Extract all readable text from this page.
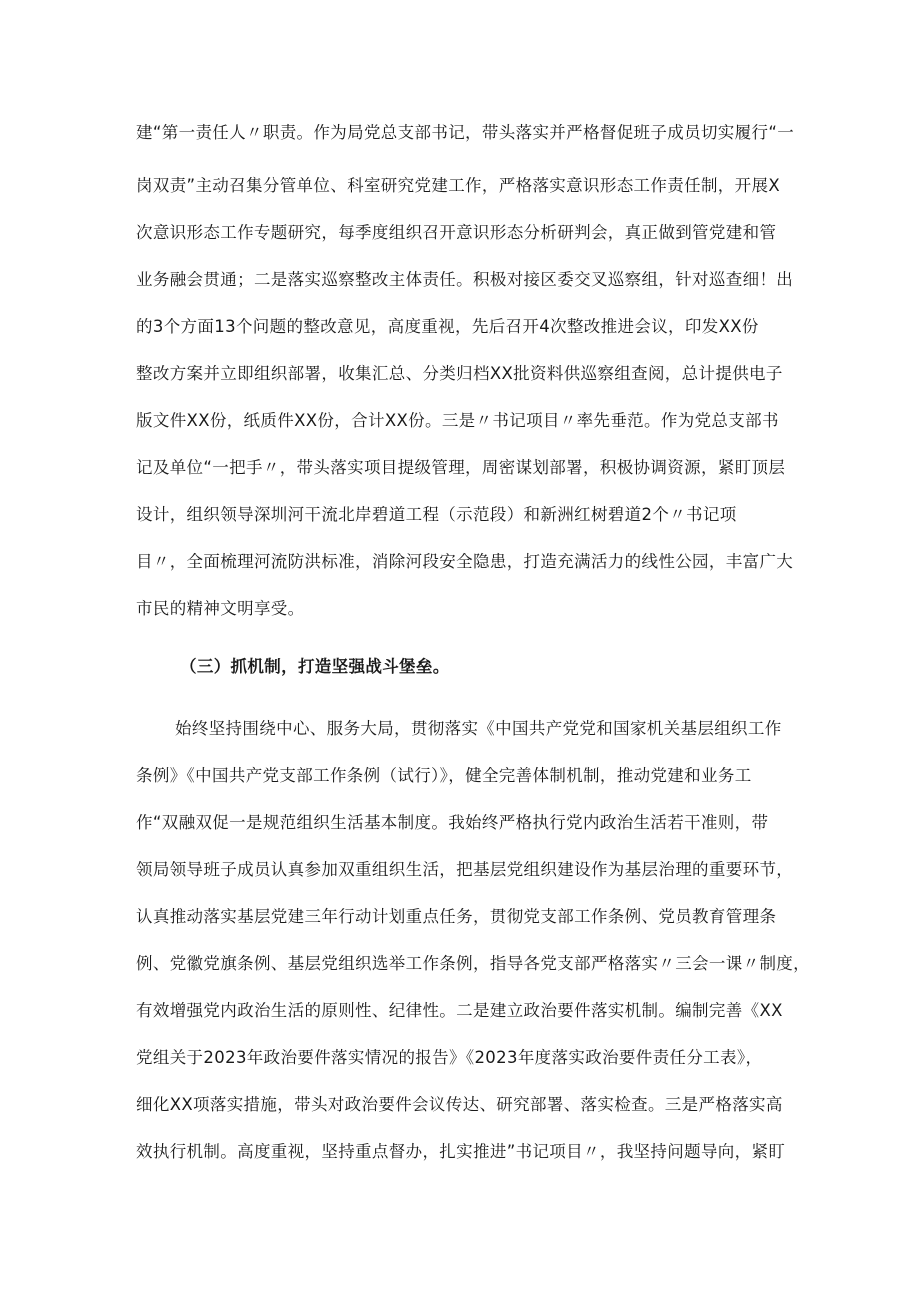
建“第一责任人〃职责。作为局党总支部书记，带头落实并严格督促班子成员切实履行“一
岗双责”主动召集分管单位、科室研究党建工作，严格落实意识形态工作责任制，开展X
次意识形态工作专题研究，每季度组织召开意识形态分析研判会，真正做到管党建和管
业务融会贯通；二是落实巡察整改主体责任。积极对接区委交叉巡察组，针对巡查细！出
的3个方面13个问题的整改意见，高度重视，先后召开4次整改推进会议，印发XX份
整改方案并立即组织部署，收集汇总、分类归档XX批资料供巡察组查阅，总计提供电子
版文件XX份，纸质件XX份，合计XX份。三是〃书记项目〃率先垂范。作为党总支部书
记及单位“一把手〃，带头落实项目提级管理，周密谋划部署，积极协调资源，紧盯顶层
设计，组织领导深圳河干流北岸碧道工程（示范段）和新洲红树碧道2个〃书记项
目〃，全面梳理河流防洪标准，消除河段安全隐患，打造充满活力的线性公园，丰富广大
市民的精神文明享受。
（三）抓机制，打造坚强战斗堡垒。
始终坚持围绕中心、服务大局，贯彻落实《中国共产党党和国家机关基层组织工作
条例》《中国共产党支部工作条例（试行）》，健全完善体制机制，推动党建和业务工
作“双融双促一是规范组织生活基本制度。我始终严格执行党内政治生活若干准则，带
领局领导班子成员认真参加双重组织生活，把基层党组织建设作为基层治理的重要环节，
认真推动落实基层党建三年行动计划重点任务，贯彻党支部工作条例、党员教育管理条
例、党徽党旗条例、基层党组织选举工作条例，指导各党支部严格落实〃三会一课〃制度，
有效增强党内政治生活的原则性、纪律性。二是建立政治要件落实机制。编制完善《XX
党组关于2023年政治要件落实情况的报告》《2023年度落实政治要件责任分工表》，
细化XX项落实措施，带头对政治要件会议传达、研究部署、落实检查。三是严格落实高
效执行机制。高度重视，坚持重点督办，扎实推进”书记项目〃，我坚持问题导向，紧盯
